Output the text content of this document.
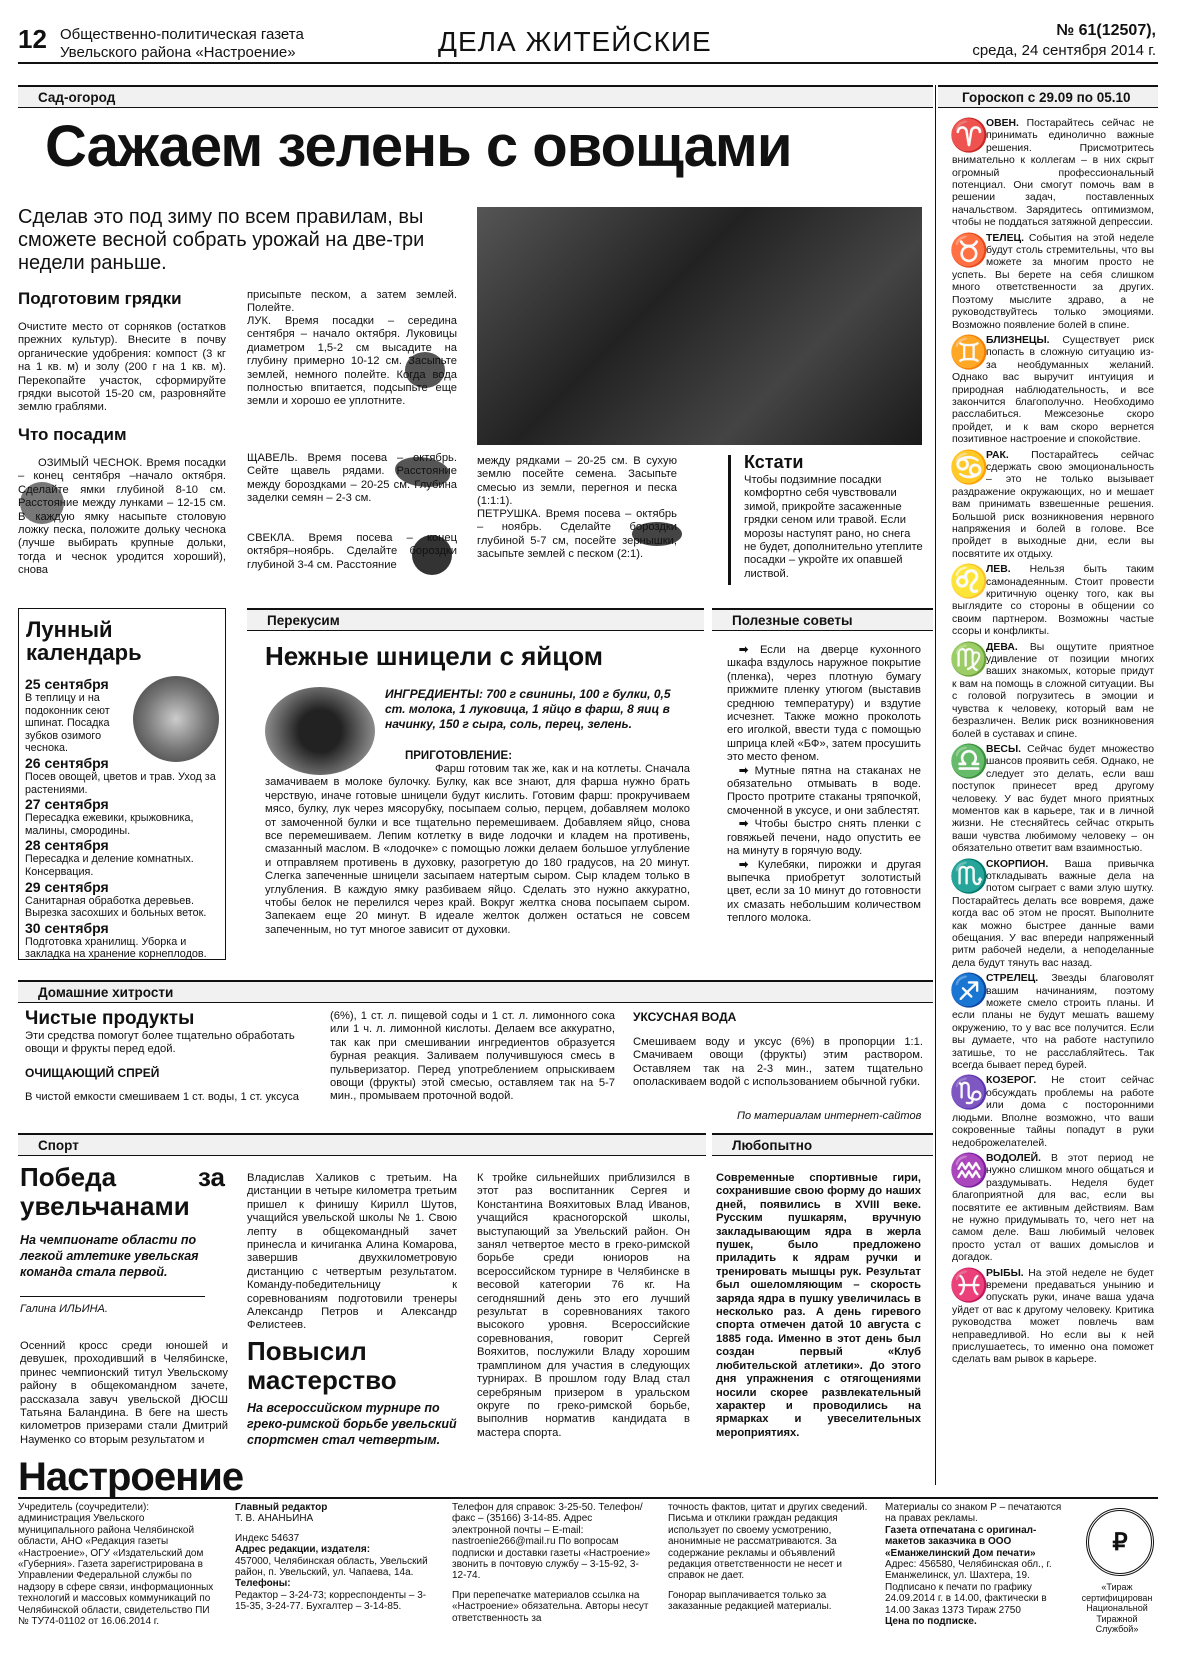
12 Общественно-политическая газета
Увельского района «Настроение»	ДЕЛА ЖИТЕЙСКИЕ	№ 61(12507),
среда, 24 сентября 2014 г.
Сад-огород
Сажаем зелень с овощами
Сделав это под зиму по всем правилам, вы сможете весной собрать урожай на две-три недели раньше.
Подготовим грядки
Очистите место от сорняков (остатков прежних культур). Внесите в почву органические удобрения: компост (3 кг на 1 кв. м) и золу (200 г на 1 кв. м). Перекопайте участок, сформируйте грядки высотой 15-20 см, разровняйте землю граблями.
Что посадим
ОЗИМЫЙ ЧЕСНОК. Время посадки – конец сентября –начало октября. Сделайте ямки глубиной 8-10 см. Расстояние между лунками – 12-15 см. В каждую ямку насыпьте столовую ложку песка, положите дольку чеснока (лучше выбирать крупные дольки, тогда и чеснок уродится хороший), снова
присыпьте песком, а затем землей. Полейте.
ЛУК. Время посадки – середина сентября – начало октября. Луковицы диаметром 1,5-2 см высадите на глубину примерно 10-12 см. Засыпьте землей, немного полейте. Когда вода полностью впитается, подсыпьте еще земли и хорошо ее уплотните.
ЩАВЕЛЬ. Время посева – октябрь. Сейте щавель рядами. Расстояние между бороздками – 20-25 см. Глубина заделки семян – 2-3 см.
СВЕКЛА. Время посева – конец октября–ноябрь. Сделайте бороздки глубиной 3-4 см. Расстояние
между рядками – 20-25 см. В сухую землю посейте семена. Засыпьте смесью из земли, перегноя и песка (1:1:1).
ПЕТРУШКА. Время посева – октябрь – ноябрь. Сделайте бороздки глубиной 5-7 см, посейте зернышки, засыпьте землей с песком (2:1).
Кстати
Чтобы подзимние посадки комфортно себя чувствовали зимой, прикройте засаженные грядки сеном или травой. Если морозы наступят рано, но снега не будет, дополнительно утеплите посадки – укройте их опавшей листвой.
Лунный
календарь
25 сентября
В теплицу и на подоконник сеют шпинат. Посадка зубков озимого чеснока.
26 сентября
Посев овощей, цветов и трав. Уход за растениями.
27 сентября
Пересадка ежевики, крыжовника, малины, смородины.
28 сентября
Пересадка и деление комнатных. Консервация.
29 сентября
Санитарная обработка деревьев. Вырезка засохших и больных веток.
30 сентября
Подготовка хранилищ. Уборка и закладка на хранение корнеплодов.
Перекусим
Нежные шницели с яйцом
ИНГРЕДИЕНТЫ: 700 г свинины, 100 г булки, 0,5 ст. молока, 1 луковица, 1 яйцо в фарш, 8 яиц в начинку, 150 г сыра, соль, перец, зелень.
ПРИГОТОВЛЕНИЕ:
Фарш готовим так же, как и на котлеты. Сначала замачиваем в молоке булочку. Булку, как все знают, для фарша нужно брать черствую, иначе готовые шницели будут кислить. Готовим фарш: прокручиваем мясо, булку, лук через мясорубку, посыпаем солью, перцем, добавляем молоко от замоченной булки и все тщательно перемешиваем. Добавляем яйцо, снова все перемешиваем. Лепим котлетку в виде лодочки и кладем на противень, смазанный маслом. В «лодочке» с помощью ложки делаем большое углубление и отправляем противень в духовку, разогретую до 180 градусов, на 20 минут. Слегка запеченные шницели засыпаем натертым сыром. Сыр кладем только в углубления. В каждую ямку разбиваем яйцо. Сделать это нужно аккуратно, чтобы белок не перелился через край. Вокруг желтка снова посыпаем сыром. Запекаем еще 20 минут. В идеале желток должен остаться не совсем запеченным, но тут многое зависит от духовки.
Полезные советы

➡ Если на дверце кухонного шкафа вздулось наружное покрытие (пленка), через плотную бумагу прижмите пленку утюгом (выставив среднюю температуру) и вздутие исчезнет. Также можно проколоть его иголкой, ввести туда с помощью шприца клей «БФ», затем просушить это место феном.

➡ Мутные пятна на стаканах не обязательно отмывать в воде. Просто протрите стаканы тряпочкой, смоченной в уксусе, и они заблестят.

➡ Чтобы быстро снять пленки с говяжьей печени, надо опустить ее на минуту в горячую воду.

➡ Кулебяки, пирожки и другая выпечка приобретут золотистый цвет, если за 10 минут до готовности их смазать небольшим количеством теплого молока.

Домашние хитрости
Чистые продукты
Эти средства помогут более тщательно обработать овощи и фрукты перед едой.
ОЧИЩАЮЩИЙ СПРЕЙ
В чистой емкости смешиваем 1 ст. воды, 1 ст. уксуса
(6%), 1 ст. л. пищевой соды и 1 ст. л. лимонного сока или 1 ч. л. лимонной кислоты. Делаем все аккуратно, так как при смешивании ингредиентов образуется бурная реакция. Заливаем получившуюся смесь в пульверизатор. Перед употреблением опрыскиваем овощи (фрукты) этой смесью, оставляем так на 5-7 мин., промываем проточной водой.
УКСУСНАЯ ВОДА
Смешиваем воду и уксус (6%) в пропорции 1:1. Смачиваем овощи (фрукты) этим раствором. Оставляем так на 2-3 мин., затем тщательно ополаскиваем водой с использованием обычной губки.
По материалам интернет-сайтов
Спорт
Победа за увельчанами
На чемпионате области по легкой атлетике увельская команда стала первой.
Галина ИЛЬИНА.
Осенний кросс среди юношей и девушек, проходивший в Челябинске, принес чемпионский титул Увельскому району в общекомандном зачете, рассказала завуч увельской ДЮСШ Татьяна Баландина. В беге на шесть километров призерами стали Дмитрий Науменко со вторым результатом и
Владислав Халиков с третьим. На дистанции в четыре километра третьим пришел к финишу Кирилл Шутов, учащийся увельской школы № 1. Свою лепту в общекомандный зачет принесла и кичиганка Алина Комарова, завершив двухкилометровую дистанцию с четвертым результатом. Команду-победительницу к соревнованиям подготовили тренеры Александр Петров и Александр Фелистеев.
Повысил мастерство
На всероссийском турнире по греко-римской борьбе увельский спортсмен стал четвертым.
К тройке сильнейших приблизился в этот раз воспитанник Сергея и Константина Вояхитовых Влад Иванов, учащийся красногорской школы, выступающий за Увельский район. Он занял четвертое место в греко-римской борьбе среди юниоров на всероссийском турнире в Челябинске в весовой категории 76 кг. На сегодняшний день это его лучший результат в соревнованиях такого высокого уровня. Всероссийские соревнования, говорит Сергей Вояхитов, послужили Владу хорошим трамплином для участия в следующих турнирах. В прошлом году Влад стал серебряным призером в уральском округе по греко-римской борьбе, выполнив норматив кандидата в мастера спорта.
Любопытно
Современные спортивные гири, сохранившие свою форму до наших дней, появились в XVIII веке. Русским пушкарям, вручную закладывающим ядра в жерла пушек, было предложено приладить к ядрам ручки и тренировать мышцы рук. Результат был ошеломляющим – скорость заряда ядра в пушку увеличилась в несколько раз. А день гиревого спорта отмечен датой 10 августа с 1885 года. Именно в этот день был создан первый «Клуб любительской атлетики». До этого дня упражнения с отягощениями носили скорее развлекательный характер и проводились на ярмарках и увеселительных мероприятиях.
Гороскоп с 29.09 по 05.10
♈
ОВЕН. Постарайтесь сейчас не принимать единолично важные решения. Присмотритесь внимательно к коллегам – в них скрыт огромный профессиональный потенциал. Они смогут помочь вам в решении задач, поставленных начальством. Зарядитесь оптимизмом, чтобы не поддаться затяжной депрессии.
♉
ТЕЛЕЦ. События на этой неделе будут столь стремительны, что вы можете за многим просто не успеть. Вы берете на себя слишком много ответственности за других. Поэтому мыслите здраво, а не руководствуйтесь только эмоциями. Возможно появление болей в спине.
♊
БЛИЗНЕЦЫ. Существует риск попасть в сложную ситуацию из-за необдуманных желаний. Однако вас выручит интуиция и природная наблюдательность, и все закончится благополучно. Необходимо расслабиться. Межсезонье скоро пройдет, и к вам скоро вернется позитивное настроение и спокойствие.
♋
РАК. Постарайтесь сейчас сдержать свою эмоциональность – это не только вызывает раздражение окружающих, но и мешает вам принимать взвешенные решения. Большой риск возникновения нервного напряжения и болей в голове. Все пройдет в выходные дни, если вы посвятите их отдыху.
♌
ЛЕВ. Нельзя быть таким самонадеянным. Стоит провести критичную оценку того, как вы выглядите со стороны в общении со своим партнером. Возможны частые ссоры и конфликты.
♍
ДЕВА. Вы ощутите приятное удивление от позиции многих ваших знакомых, которые придут к вам на помощь в сложной ситуации. Вы с головой погрузитесь в эмоции и чувства к человеку, который вам не безразличен. Велик риск возникновения болей в суставах и спине.
♎
ВЕСЫ. Сейчас будет множество шансов проявить себя. Однако, не следует это делать, если ваш поступок принесет вред другому человеку. У вас будет много приятных моментов как в карьере, так и в личной жизни. Не стесняйтесь сейчас открыть ваши чувства любимому человеку – он обязательно ответит вам взаимностью.
♏
СКОРПИОН. Ваша привычка откладывать важные дела на потом сыграет с вами злую шутку. Постарайтесь делать все вовремя, даже когда вас об этом не просят. Выполните как можно быстрее данные вами обещания. У вас впереди напряженный ритм рабочей недели, а неподеланные дела будут тянуть вас назад.
♐
СТРЕЛЕЦ. Звезды благоволят вашим начинаниям, поэтому можете смело строить планы. И если планы не будут мешать вашему окружению, то у вас все получится. Если вы думаете, что на работе наступило затишье, то не расслабляйтесь. Так всегда бывает перед бурей.
♑
КОЗЕРОГ. Не стоит сейчас обсуждать проблемы на работе или дома с посторонними людьми. Вполне возможно, что ваши сокровенные тайны попадут в руки недоброжелателей.
♒
ВОДОЛЕЙ. В этот период не нужно слишком много общаться и раздумывать. Неделя будет благоприятной для вас, если вы посвятите ее активным действиям. Вам не нужно придумывать то, чего нет на самом деле. Ваш любимый человек просто устал от ваших домыслов и догадок.
♓
РЫБЫ. На этой неделе не будет времени предаваться унынию и опускать руки, иначе ваша удача уйдет от вас к другому человеку. Критика руководства может повлечь вам неправедливой. Но если вы к ней прислушаетесь, то именно она поможет сделать вам рывок в карьере.
Настроение
Учредитель (соучредители): администрация Увельского муниципального района Челябинской области, АНО «Редакция газеты «Настроение», ОГУ «Издательский дом «Губерния». Газета зарегистрирована в Управлении Федеральной службы по надзору в сфере связи, информационных технологий и массовых коммуникаций по Челябинской области, свидетельство ПИ № ТУ74-01102 от 16.06.2014 г.
Главный редактор
Т. В. АНАНЬИНА
Индекс 54637
Адрес редакции, издателя:
457000, Челябинская область, Увельский район, п. Увельский, ул. Чапаева, 14а.
Телефоны:
Редактор – 3-24-73; корреспонденты – 3-15-35, 3-24-77. Бухгалтер – 3-14-85.
Телефон для справок: 3-25-50. Телефон/факс – (35166) 3-14-85. Адрес электронной почты – E-mail: nastroenie266@mail.ru По вопросам подписки и доставки газеты «Настроение» звонить в почтовую службу – 3-15-92, 3-12-74.
При перепечатке материалов ссылка на «Настроение» обязательна. Авторы несут ответственность за
точность фактов, цитат и других сведений. Письма и отклики граждан редакция использует по своему усмотрению, анонимные не рассматриваются. За содержание рекламы и объявлений редакция ответственности не несет и справок не дает.
Гонорар выплачивается только за заказанные редакцией материалы.
Материалы со знаком Р – печатаются на правах рекламы.
Газета отпечатана с оригинал-макетов заказчика в ООО «Еманжелинский Дом печати»
Адрес: 456580, Челябинская обл., г. Еманжелинск, ул. Шахтера, 19. Подписано к печати по графику 24.09.2014 г. в 14.00, фактически в 14.00 Заказ 1373 Тираж 2750
Цена по подписке.
₽
«Тираж сертифицирован Национальной Тиражной Службой»
